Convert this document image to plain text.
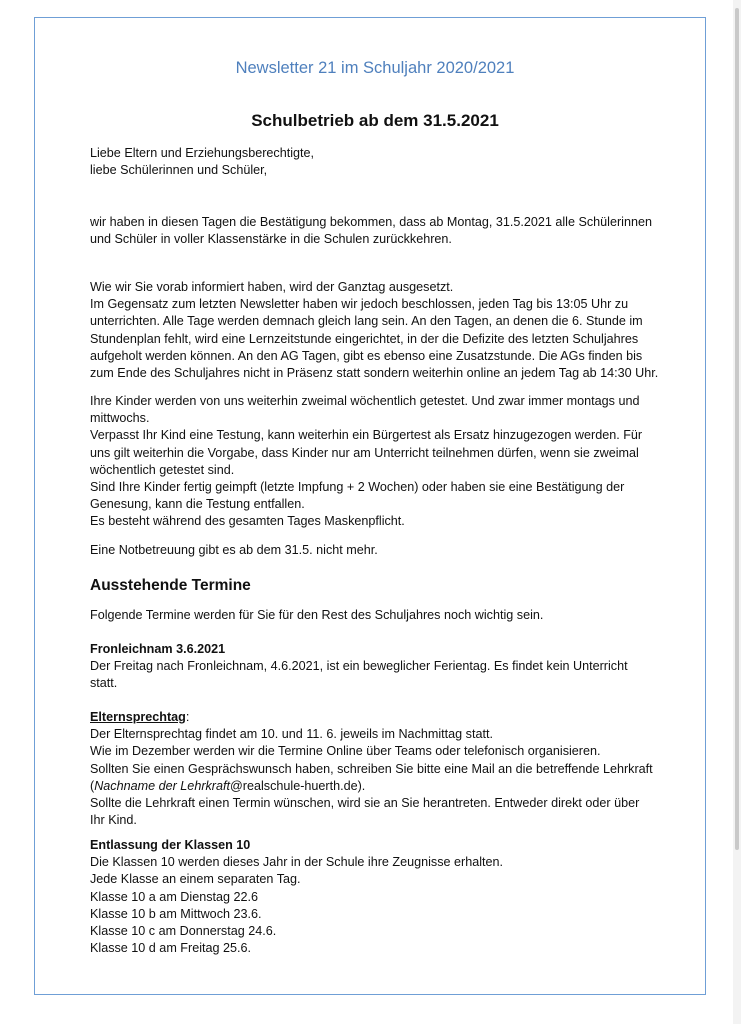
Newsletter 21 im Schuljahr 2020/2021
Schulbetrieb ab dem 31.5.2021
Liebe Eltern und Erziehungsberechtigte,
liebe Schülerinnen und Schüler,
wir haben in diesen Tagen die Bestätigung bekommen, dass ab Montag, 31.5.2021 alle Schülerinnen
und Schüler in voller Klassenstärke in die Schulen zurückkehren.
Wie wir Sie vorab informiert haben, wird der Ganztag ausgesetzt.
Im Gegensatz zum letzten Newsletter haben wir jedoch beschlossen, jeden Tag bis 13:05 Uhr zu
unterrichten. Alle Tage werden demnach gleich lang sein. An den Tagen, an denen die 6. Stunde im
Stundenplan fehlt, wird eine Lernzeitstunde eingerichtet, in der die Defizite des letzten Schuljahres
aufgeholt werden können. An den AG Tagen, gibt es ebenso eine Zusatzstunde. Die AGs finden bis
zum Ende des Schuljahres nicht in Präsenz statt sondern weiterhin online an jedem Tag ab 14:30 Uhr.
Ihre Kinder werden von uns weiterhin zweimal wöchentlich getestet. Und zwar immer montags und
mittwochs.
Verpasst Ihr Kind eine Testung, kann weiterhin ein Bürgertest als Ersatz hinzugezogen werden. Für
uns gilt weiterhin die Vorgabe, dass Kinder nur am Unterricht teilnehmen dürfen, wenn sie zweimal
wöchentlich getestet sind.
Sind Ihre Kinder fertig geimpft (letzte Impfung + 2 Wochen) oder haben sie eine Bestätigung der
Genesung, kann die Testung entfallen.
Es besteht während des gesamten Tages Maskenpflicht.
Eine Notbetreuung gibt es ab dem 31.5. nicht mehr.
Ausstehende Termine
Folgende Termine werden für Sie für den Rest des Schuljahres noch wichtig sein.
Fronleichnam 3.6.2021
Der Freitag nach Fronleichnam, 4.6.2021, ist ein beweglicher Ferientag. Es findet kein Unterricht
statt.
Elternsprechtag:
Der Elternsprechtag findet am 10. und 11. 6. jeweils im Nachmittag statt.
Wie im Dezember werden wir die Termine Online über Teams oder telefonisch organisieren.
Sollten Sie einen Gesprächswunsch haben, schreiben Sie bitte eine Mail an die betreffende Lehrkraft
(Nachname der Lehrkraft@realschule-huerth.de).
Sollte die Lehrkraft einen Termin wünschen, wird sie an Sie herantreten. Entweder direkt oder über
Ihr Kind.
Entlassung der Klassen 10
Die Klassen 10 werden dieses Jahr in der Schule ihre Zeugnisse erhalten.
Jede Klasse an einem separaten Tag.
Klasse 10 a am Dienstag 22.6
Klasse 10 b am Mittwoch 23.6.
Klasse 10 c am Donnerstag 24.6.
Klasse 10 d am Freitag 25.6.
